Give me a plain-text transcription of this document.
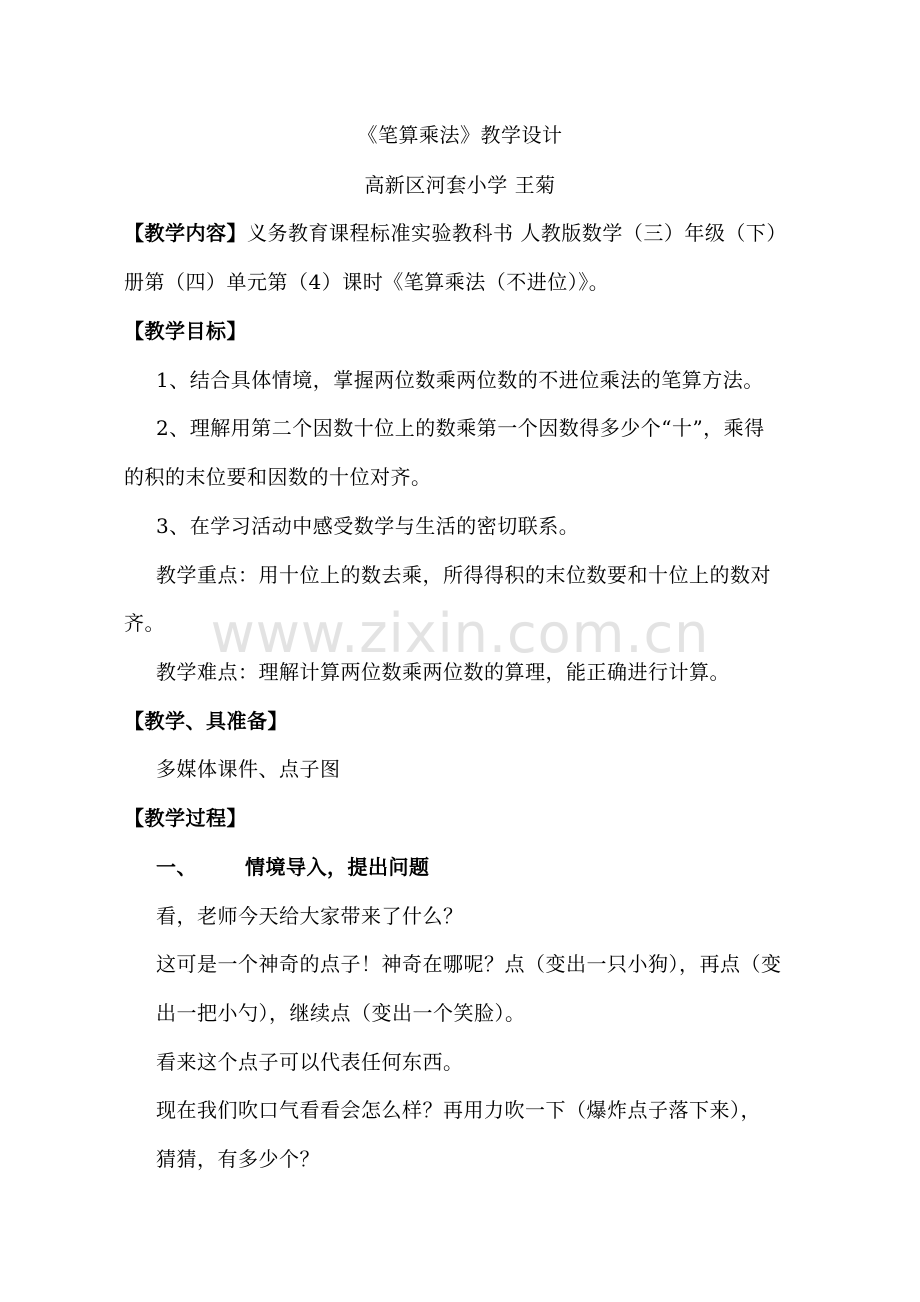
www.zixin.com.cn
《笔算乘法》教学设计
高新区河套小学 王菊
【教学内容】义务教育课程标准实验教科书 人教版数学（三）年级（下）
册第（四）单元第（4）课时《笔算乘法（不进位）》。
【教学目标】
1、结合具体情境，掌握两位数乘两位数的不进位乘法的笔算方法。
2、理解用第二个因数十位上的数乘第一个因数得多少个“十”，乘得
的积的末位要和因数的十位对齐。
3、在学习活动中感受数学与生活的密切联系。
教学重点：用十位上的数去乘，所得得积的末位数要和十位上的数对
齐。
教学难点：理解计算两位数乘两位数的算理，能正确进行计算。
【教学、具准备】
多媒体课件、点子图
【教学过程】
一、 情境导入，提出问题
看，老师今天给大家带来了什么？
这可是一个神奇的点子！神奇在哪呢？点（变出一只小狗），再点（变
出一把小勺），继续点（变出一个笑脸）。
看来这个点子可以代表任何东西。
现在我们吹口气看看会怎么样？再用力吹一下（爆炸点子落下来），
猜猜，有多少个？
